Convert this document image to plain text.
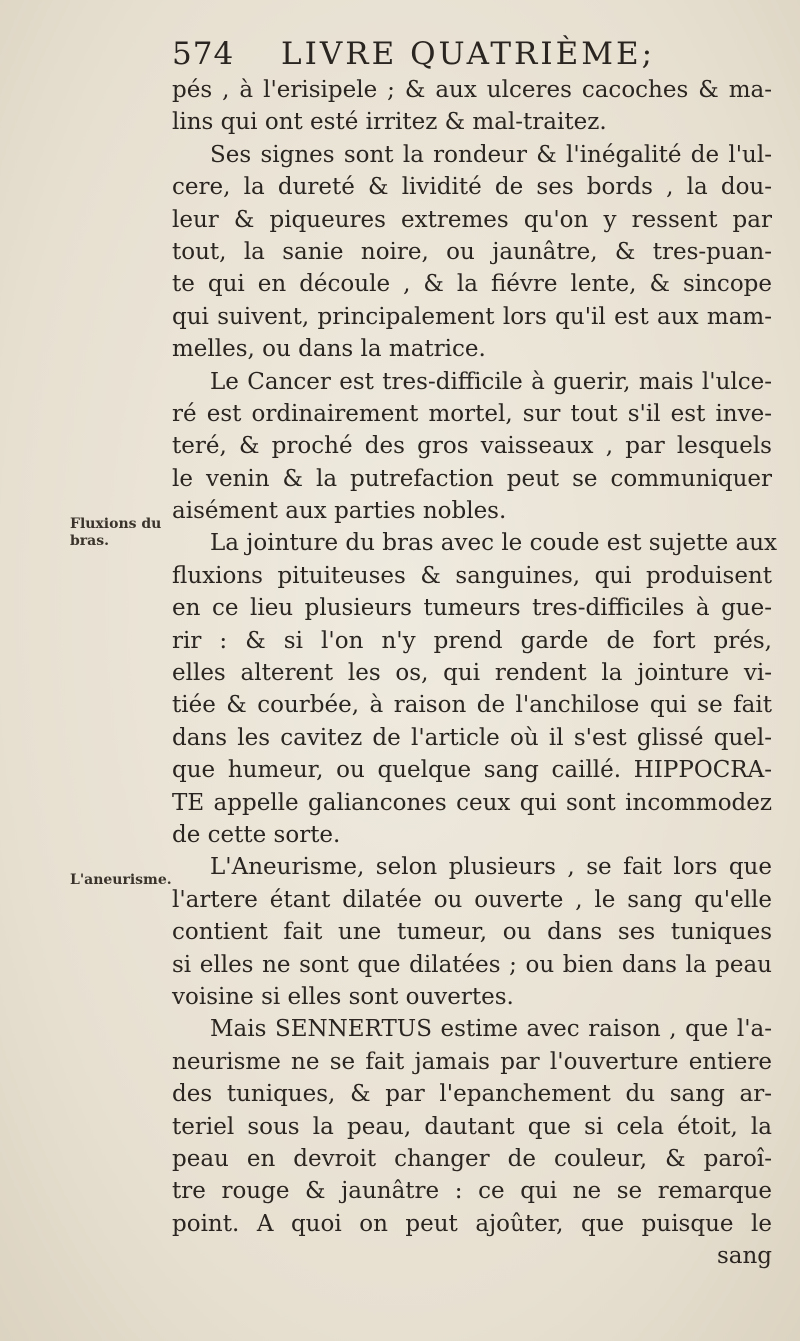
574 LIVRE QUATRIÈME;
Fluxions du bras.
L'aneurisme.
pés , à l'erisipele ; & aux ulceres cacoches & ma-
lins qui ont esté irritez & mal-traitez.
Ses signes sont la rondeur & l'inégalité de l'ul-
cere, la dureté & lividité de ses bords , la dou-
leur & piqueures extremes qu'on y ressent par
tout, la sanie noire, ou jaunâtre, & tres-puan-
te qui en découle , & la fiévre lente, & sincope
qui suivent, principalement lors qu'il est aux mam-
melles, ou dans la matrice.
Le Cancer est tres-difficile à guerir, mais l'ulce-
ré est ordinairement mortel, sur tout s'il est inve-
teré, & proché des gros vaisseaux , par lesquels
le venin & la putrefaction peut se communiquer
aisément aux parties nobles.
La jointure du bras avec le coude est sujette aux
fluxions pituiteuses & sanguines, qui produisent
en ce lieu plusieurs tumeurs tres-difficiles à gue-
rir : & si l'on n'y prend garde de fort prés,
elles alterent les os, qui rendent la jointure vi-
tiée & courbée, à raison de l'anchilose qui se fait
dans les cavitez de l'article où il s'est glissé quel-
que humeur, ou quelque sang caillé. HIPPOCRA-
TE appelle galiancones ceux qui sont incommodez
de cette sorte.
L'Aneurisme, selon plusieurs , se fait lors que
l'artere étant dilatée ou ouverte , le sang qu'elle
contient fait une tumeur, ou dans ses tuniques
si elles ne sont que dilatées ; ou bien dans la peau
voisine si elles sont ouvertes.
Mais SENNERTUS estime avec raison , que l'a-
neurisme ne se fait jamais par l'ouverture entiere
des tuniques, & par l'epanchement du sang ar-
teriel sous la peau, dautant que si cela étoit, la
peau en devroit changer de couleur, & paroî-
tre rouge & jaunâtre : ce qui ne se remarque
point. A quoi on peut ajoûter, que puisque le
sang
